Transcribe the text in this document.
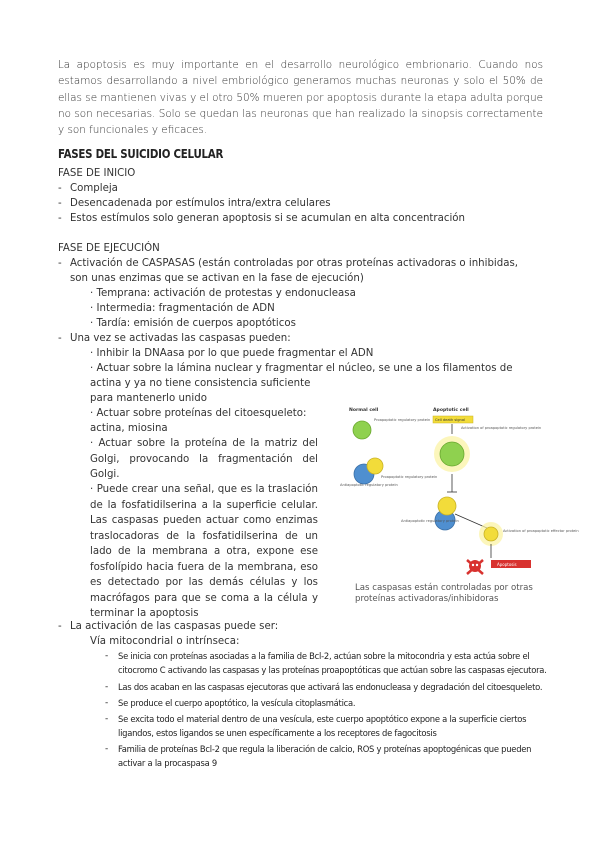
La apoptosis es muy importante en el desarrollo neurológico embrionario. Cuando nos estamos desarrollando a nivel embriológico generamos muchas neuronas y solo el 50% de ellas se mantienen vivas y el otro 50% mueren por apoptosis durante la etapa adulta porque no son necesarias. Solo se quedan las neuronas que han realizado la sinopsis correctamente y son funcionales y eficaces.

FASES DEL SUICIDIO CELULAR
FASE DE INICIO
- Compleja
- Desencadenada por estímulos intra/extra celulares
- Estos estímulos solo generan apoptosis si se acumulan en alta concentración
FASE DE EJECUCIÓN
- Activación de CASPASAS (están controladas por otras proteínas activadoras o inhibidas,
son unas enzimas que se activan en la fase de ejecución)
· Temprana: activación de protestas y endonucleasa
· Intermedia: fragmentación de ADN
· Tardía: emisión de cuerpos apoptóticos
- Una vez se activadas las caspasas pueden:
· Inhibir la DNAasa por lo que puede fragmentar el ADN
· Actuar sobre la lámina nuclear y fragmentar el núcleo, se une a los filamentos de
actina y ya no tiene consistencia suficiente
para mantenerlo unido
· Actuar sobre proteínas del citoesqueleto:
actina, miosina
· Actuar sobre la proteína de la matriz del Golgi, provocando la fragmentación del Golgi.
· Puede crear una señal, que es la traslación de la fosfatidilserina a la superficie celular. Las caspasas pueden actuar como enzimas traslocadoras de la fosfatidilserina de un lado de la membrana a otra, expone ese fosfolípido hacia fuera de la membrana, eso es detectado por las demás células y los macrófagos para que se coma a la célula y terminar la apoptosis
- La activación de las caspasas puede ser:
Vía mitocondrial o intrínseca:
- Se inicia con proteínas asociadas a la familia de Bcl-2, actúan sobre la mitocondria y esta actúa sobre el
citocromo C activando las caspasas y las proteínas proapoptóticas que actúan sobre las caspasas ejecutora.
- Las dos acaban en las caspasas ejecutoras que activará las endonucleasa y degradación del citoesqueleto.
- Se produce el cuerpo apoptótico, la vesícula citoplasmática.
- Se excita todo el material dentro de una vesícula, este cuerpo apoptótico expone a la superficie ciertos
ligandos, estos ligandos se unen específicamente a los receptores de fagocitosis
- Familia de proteínas Bcl-2 que regula la liberación de calcio, ROS y proteínas apoptogénicas que pueden
activar a la procaspasa 9
Normal cell	Apoptotic cell
Proapoptotic regulatory protein
Antiapoptotic regulatory protein
Proapoptotic regulatory protein
Cell death signal
Activation of proapoptotic regulatory protein
Antiapoptotic regulatory protein
Activation of proapoptotic effector protein
Apoptosis
Las caspasas están controladas por otras proteínas activadoras/inhibidoras
